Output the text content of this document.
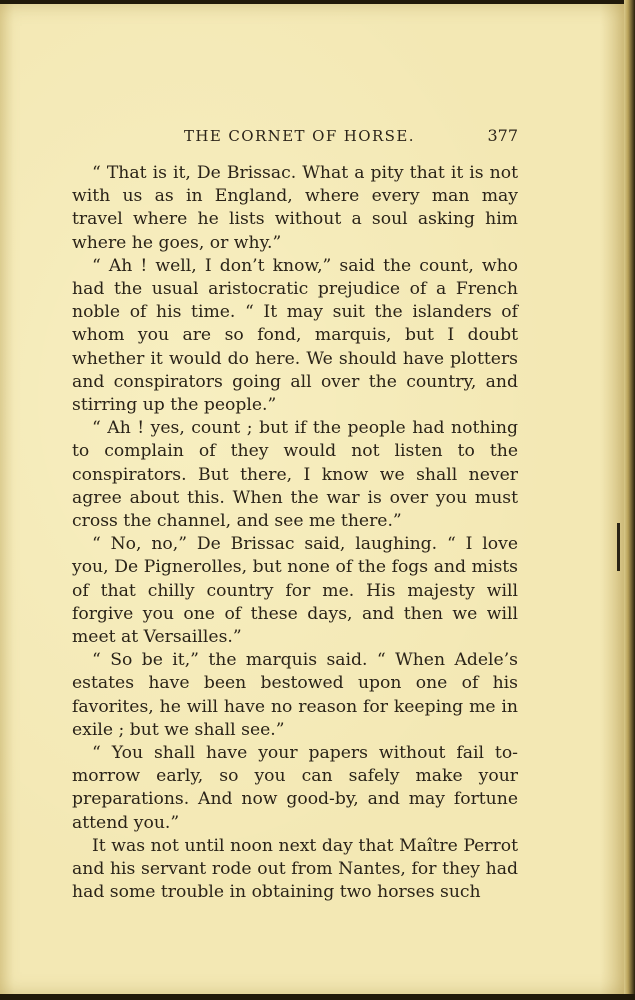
THE CORNET OF HORSE.	377

“ That is it, De Brissac. What a pity that it is not with us as in England, where every man may travel where he lists without a soul asking him where he goes, or why.”

“ Ah ! well, I don’t know,” said the count, who had the usual aristocratic prejudice of a French noble of his time. “ It may suit the islanders of whom you are so fond, marquis, but I doubt whether it would do here. We should have plotters and conspirators going all over the country, and stirring up the people.”

“ Ah ! yes, count ; but if the people had nothing to complain of they would not listen to the conspirators. But there, I know we shall never agree about this. When the war is over you must cross the channel, and see me there.”

“ No, no,” De Brissac said, laughing. “ I love you, De Pignerolles, but none of the fogs and mists of that chilly country for me. His majesty will forgive you one of these days, and then we will meet at Versailles.”

“ So be it,” the marquis said. “ When Adele’s estates have been bestowed upon one of his favorites, he will have no reason for keeping me in exile ; but we shall see.”

“ You shall have your papers without fail to-morrow early, so you can safely make your preparations. And now good-by, and may fortune attend you.”

It was not until noon next day that Maître Perrot and his servant rode out from Nantes, for they had had some trouble in obtaining two horses such
